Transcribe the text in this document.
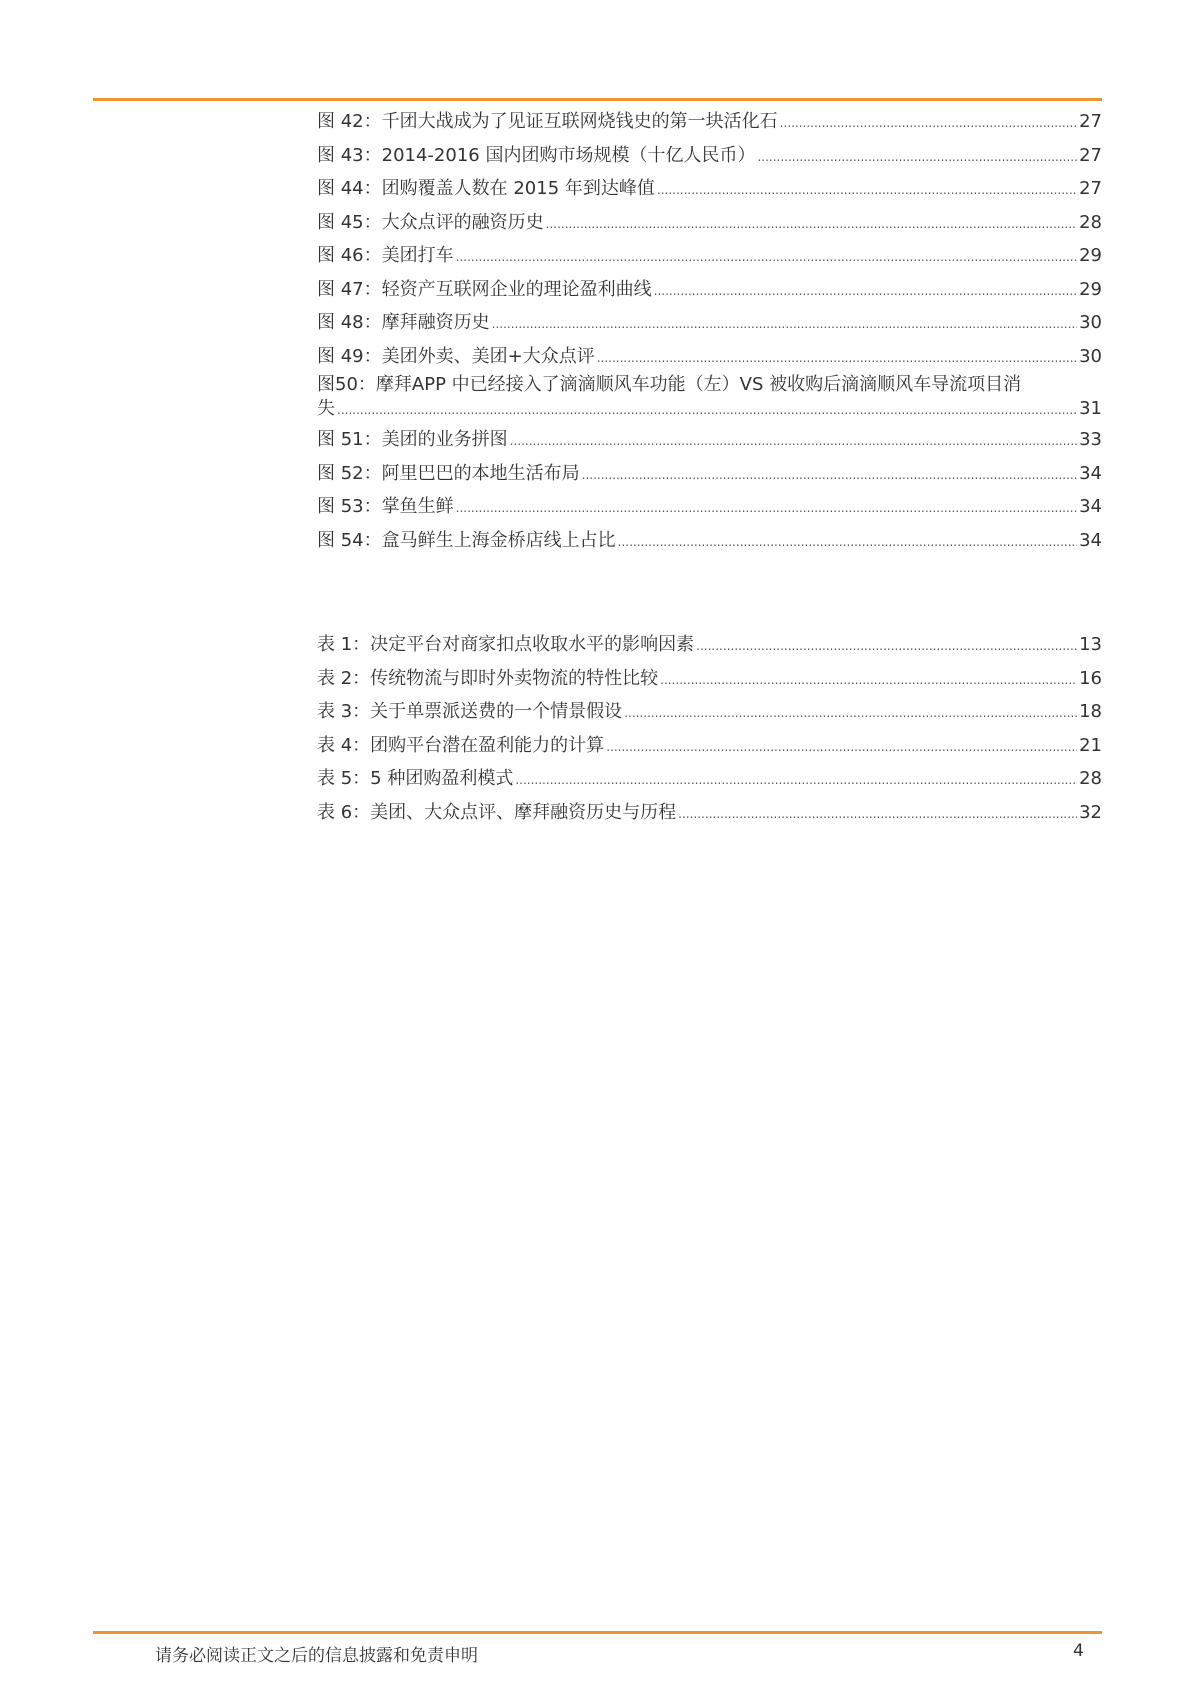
图 42：千团大战成为了见证互联网烧钱史的第一块活化石 .....	27
图 43：2014-2016 国内团购市场规模（十亿人民币） .....	27
图 44：团购覆盖人数在 2015 年到达峰值 .....	27
图 45：大众点评的融资历史 .....	28
图 46：美团打车 .....	29
图 47：轻资产互联网企业的理论盈利曲线 .....	29
图 48：摩拜融资历史 .....	30
图 49：美团外卖、美团+大众点评 .....	30
图50：摩拜APP 中已经接入了滴滴顺风车功能（左）VS 被收购后滴滴顺风车导流项目消
失 .....	31
图 51：美团的业务拼图 .....	33
图 52：阿里巴巴的本地生活布局 .....	34
图 53：掌鱼生鲜 .....	34
图 54：盒马鲜生上海金桥店线上占比 .....	34
表 1：决定平台对商家扣点收取水平的影响因素 .....	13
表 2：传统物流与即时外卖物流的特性比较 .....	16
表 3：关于单票派送费的一个情景假设 .....	18
表 4：团购平台潜在盈利能力的计算 .....	21
表 5：5 种团购盈利模式 .....	28
表 6：美团、大众点评、摩拜融资历史与历程 .....	32
请务必阅读正文之后的信息披露和免责申明	4
